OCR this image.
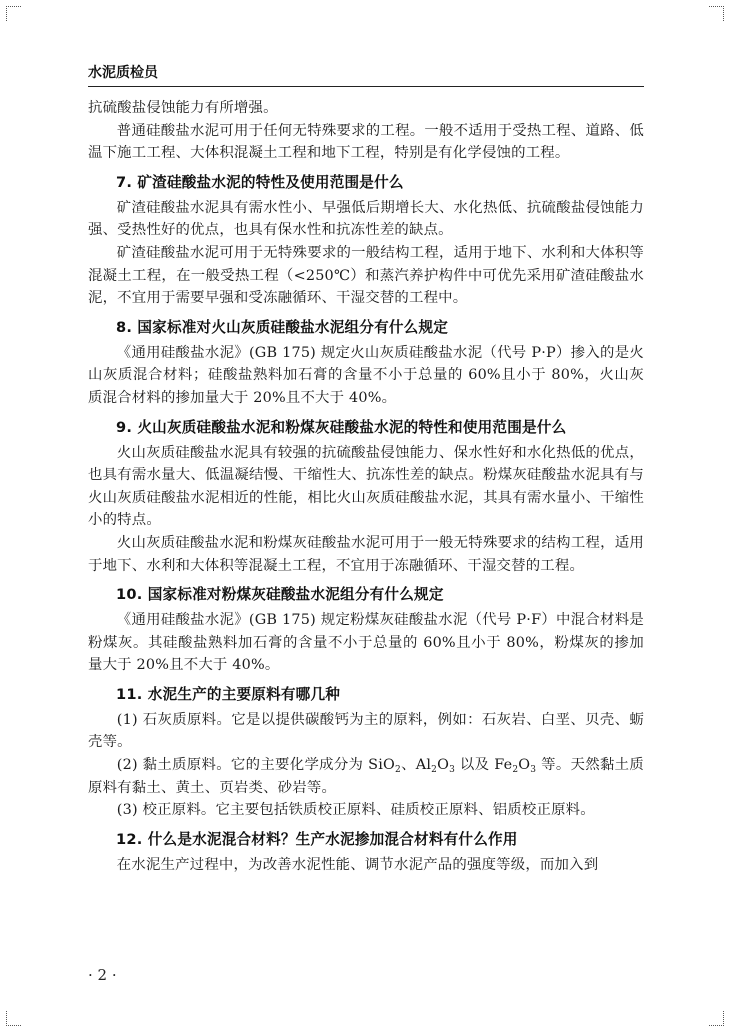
水泥质检员

抗硫酸盐侵蚀能力有所增强。

普通硅酸盐水泥可用于任何无特殊要求的工程。一般不适用于受热工程、道路、低温下施工工程、大体积混凝土工程和地下工程，特别是有化学侵蚀的工程。

7. 矿渣硅酸盐水泥的特性及使用范围是什么

矿渣硅酸盐水泥具有需水性小、早强低后期增长大、水化热低、抗硫酸盐侵蚀能力强、受热性好的优点，也具有保水性和抗冻性差的缺点。

矿渣硅酸盐水泥可用于无特殊要求的一般结构工程，适用于地下、水利和大体积等混凝土工程，在一般受热工程（<250℃）和蒸汽养护构件中可优先采用矿渣硅酸盐水泥，不宜用于需要早强和受冻融循环、干湿交替的工程中。

8. 国家标准对火山灰质硅酸盐水泥组分有什么规定

《通用硅酸盐水泥》(GB 175) 规定火山灰质硅酸盐水泥（代号 P·P）掺入的是火山灰质混合材料；硅酸盐熟料加石膏的含量不小于总量的 60%且小于 80%，火山灰质混合材料的掺加量大于 20%且不大于 40%。

9. 火山灰质硅酸盐水泥和粉煤灰硅酸盐水泥的特性和使用范围是什么

火山灰质硅酸盐水泥具有较强的抗硫酸盐侵蚀能力、保水性好和水化热低的优点，也具有需水量大、低温凝结慢、干缩性大、抗冻性差的缺点。粉煤灰硅酸盐水泥具有与火山灰质硅酸盐水泥相近的性能，相比火山灰质硅酸盐水泥，其具有需水量小、干缩性小的特点。

火山灰质硅酸盐水泥和粉煤灰硅酸盐水泥可用于一般无特殊要求的结构工程，适用于地下、水利和大体积等混凝土工程，不宜用于冻融循环、干湿交替的工程。

10. 国家标准对粉煤灰硅酸盐水泥组分有什么规定

《通用硅酸盐水泥》(GB 175) 规定粉煤灰硅酸盐水泥（代号 P·F）中混合材料是粉煤灰。其硅酸盐熟料加石膏的含量不小于总量的 60%且小于 80%，粉煤灰的掺加量大于 20%且不大于 40%。

11. 水泥生产的主要原料有哪几种

(1) 石灰质原料。它是以提供碳酸钙为主的原料，例如：石灰岩、白垩、贝壳、蛎壳等。

(2) 黏土质原料。它的主要化学成分为 SiO$_2$、$Al_2O_3$ 以及 $Fe_2O_3$ 等。天然黏土质原料有黏土、黄土、页岩类、砂岩等。

(3) 校正原料。它主要包括铁质校正原料、硅质校正原料、铝质校正原料。

12. 什么是水泥混合材料？生产水泥掺加混合材料有什么作用

在水泥生产过程中，为改善水泥性能、调节水泥产品的强度等级，而加入到

· 2 ·
